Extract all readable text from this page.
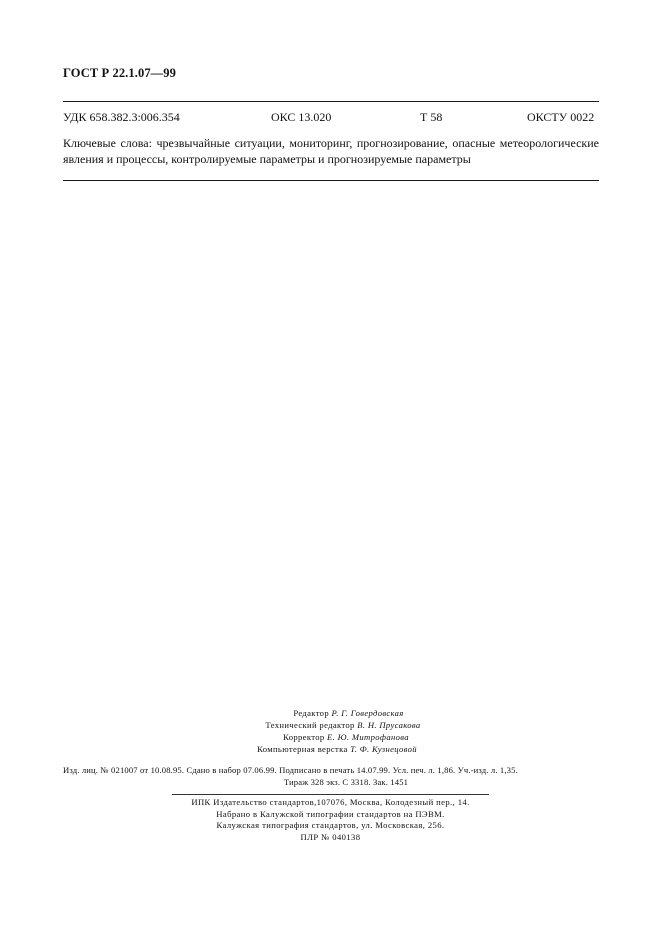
ГОСТ Р 22.1.07—99
УДК 658.382.3:006.354	ОКС 13.020	Т 58	ОКСТУ 0022
Ключевые слова: чрезвычайные ситуации, мониторинг, прогнозирование, опасные метеорологические явления и процессы, контролируемые параметры и прогнозируемые параметры
Редактор Р. Г. Говердовская
Технический редактор В. Н. Прусакова
Корректор Е. Ю. Митрофанова
Компьютерная верстка Т. Ф. Кузнецовой
Изд. лиц. № 021007 от 10.08.95. Сдано в набор 07.06.99. Подписано в печать 14.07.99. Усл. печ. л. 1,86. Уч.-изд. л. 1,35.
Тираж 328 экз. С 3318. Зак. 1451
ИПК Издательство стандартов,107076, Москва, Колодезный пер., 14.
Набрано в Калужской типографии стандартов на ПЭВМ.
Калужская типография стандартов, ул. Московская, 256.
ПЛР № 040138
